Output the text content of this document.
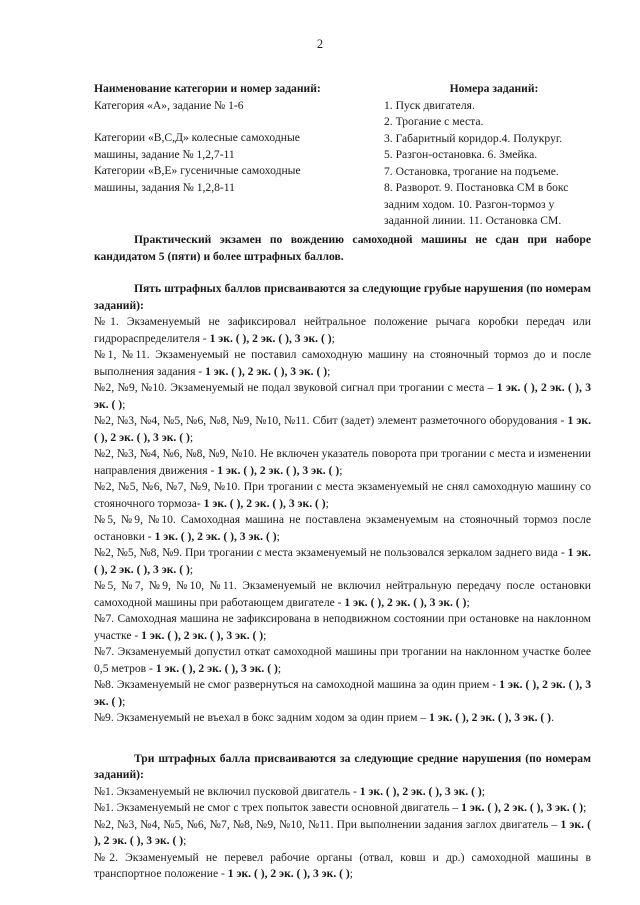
2
Наименование категории и номер заданий:
Категория «А», задание № 1-6
Категории «В,С,Д» колесные самоходные машины, задание № 1,2,7-11
Категории «В,Е» гусеничные самоходные машины, задания № 1,2,8-11
Номера заданий:
1. Пуск двигателя.
2. Трогание с места.
3. Габаритный коридор.4. Полукруг.
5. Разгон-остановка. 6. Змейка.
7. Остановка, трогание на подъеме.
8. Разворот. 9. Постановка СМ в бокс задним ходом. 10. Разгон-тормоз у заданной линии. 11. Остановка СМ.
Практический экзамен по вождению самоходной машины не сдан при наборе кандидатом 5 (пяти) и более штрафных баллов.
Пять штрафных баллов присваиваются за следующие грубые нарушения (по номерам заданий):
№1. Экзаменуемый не зафиксировал нейтральное положение рычага коробки передач или гидрораспределителя - 1 эк. ( ), 2 эк. ( ), 3 эк. ( );
№1, №11. Экзаменуемый не поставил самоходную машину на стояночный тормоз до и после выполнения задания - 1 эк. ( ), 2 эк. ( ), 3 эк. ( );
№2, №9, №10. Экзаменуемый не подал звуковой сигнал при трогании с места – 1 эк. ( ), 2 эк. ( ), 3 эк. ( );
№2, №3, №4, №5, №6, №8, №9, №10, №11. Сбит (задет) элемент разметочного оборудования - 1 эк. ( ), 2 эк. ( ), 3 эк. ( );
№2, №3, №4, №6, №8, №9, №10. Не включен указатель поворота при трогании с места и изменении направления движения - 1 эк. ( ), 2 эк. ( ), 3 эк. ( );
№2, №5, №6, №7, №9, №10. При трогании с места экзаменуемый не снял самоходную машину со стояночного тормоза- 1 эк. ( ), 2 эк. ( ), 3 эк. ( );
№5, №9, №10. Самоходная машина не поставлена экзаменуемым на стояночный тормоз после остановки - 1 эк. ( ), 2 эк. ( ), 3 эк. ( );
№2, №5, №8, №9. При трогании с места экзаменуемый не пользовался зеркалом заднего вида - 1 эк. ( ), 2 эк. ( ), 3 эк. ( );
№5, №7, №9, №10, №11. Экзаменуемый не включил нейтральную передачу после остановки самоходной машины при работающем двигателе - 1 эк. ( ), 2 эк. ( ), 3 эк. ( );
№7. Самоходная машина не зафиксирована в неподвижном состоянии при остановке на наклонном участке - 1 эк. ( ), 2 эк. ( ), 3 эк. ( );
№7. Экзаменуемый допустил откат самоходной машины при трогании на наклонном участке более 0,5 метров - 1 эк. ( ), 2 эк. ( ), 3 эк. ( );
№8. Экзаменуемый не смог развернуться на самоходной машина за один прием - 1 эк. ( ), 2 эк. ( ), 3 эк. ( );
№9. Экзаменуемый не въехал в бокс задним ходом за один прием – 1 эк. ( ), 2 эк. ( ), 3 эк. ( ).
Три штрафных балла присваиваются за следующие средние нарушения (по номерам заданий):
№1. Экзаменуемый не включил пусковой двигатель - 1 эк. ( ), 2 эк. ( ), 3 эк. ( );
№1. Экзаменуемый не смог с трех попыток завести основной двигатель – 1 эк. ( ), 2 эк. ( ), 3 эк. ( );
№2, №3, №4, №5, №6, №7, №8, №9, №10, №11. При выполнении задания заглох двигатель – 1 эк. ( ), 2 эк. ( ), 3 эк. ( );
№2. Экзаменуемый не перевел рабочие органы (отвал, ковш и др.) самоходной машины в транспортное положение - 1 эк. ( ), 2 эк. ( ), 3 эк. ( );
